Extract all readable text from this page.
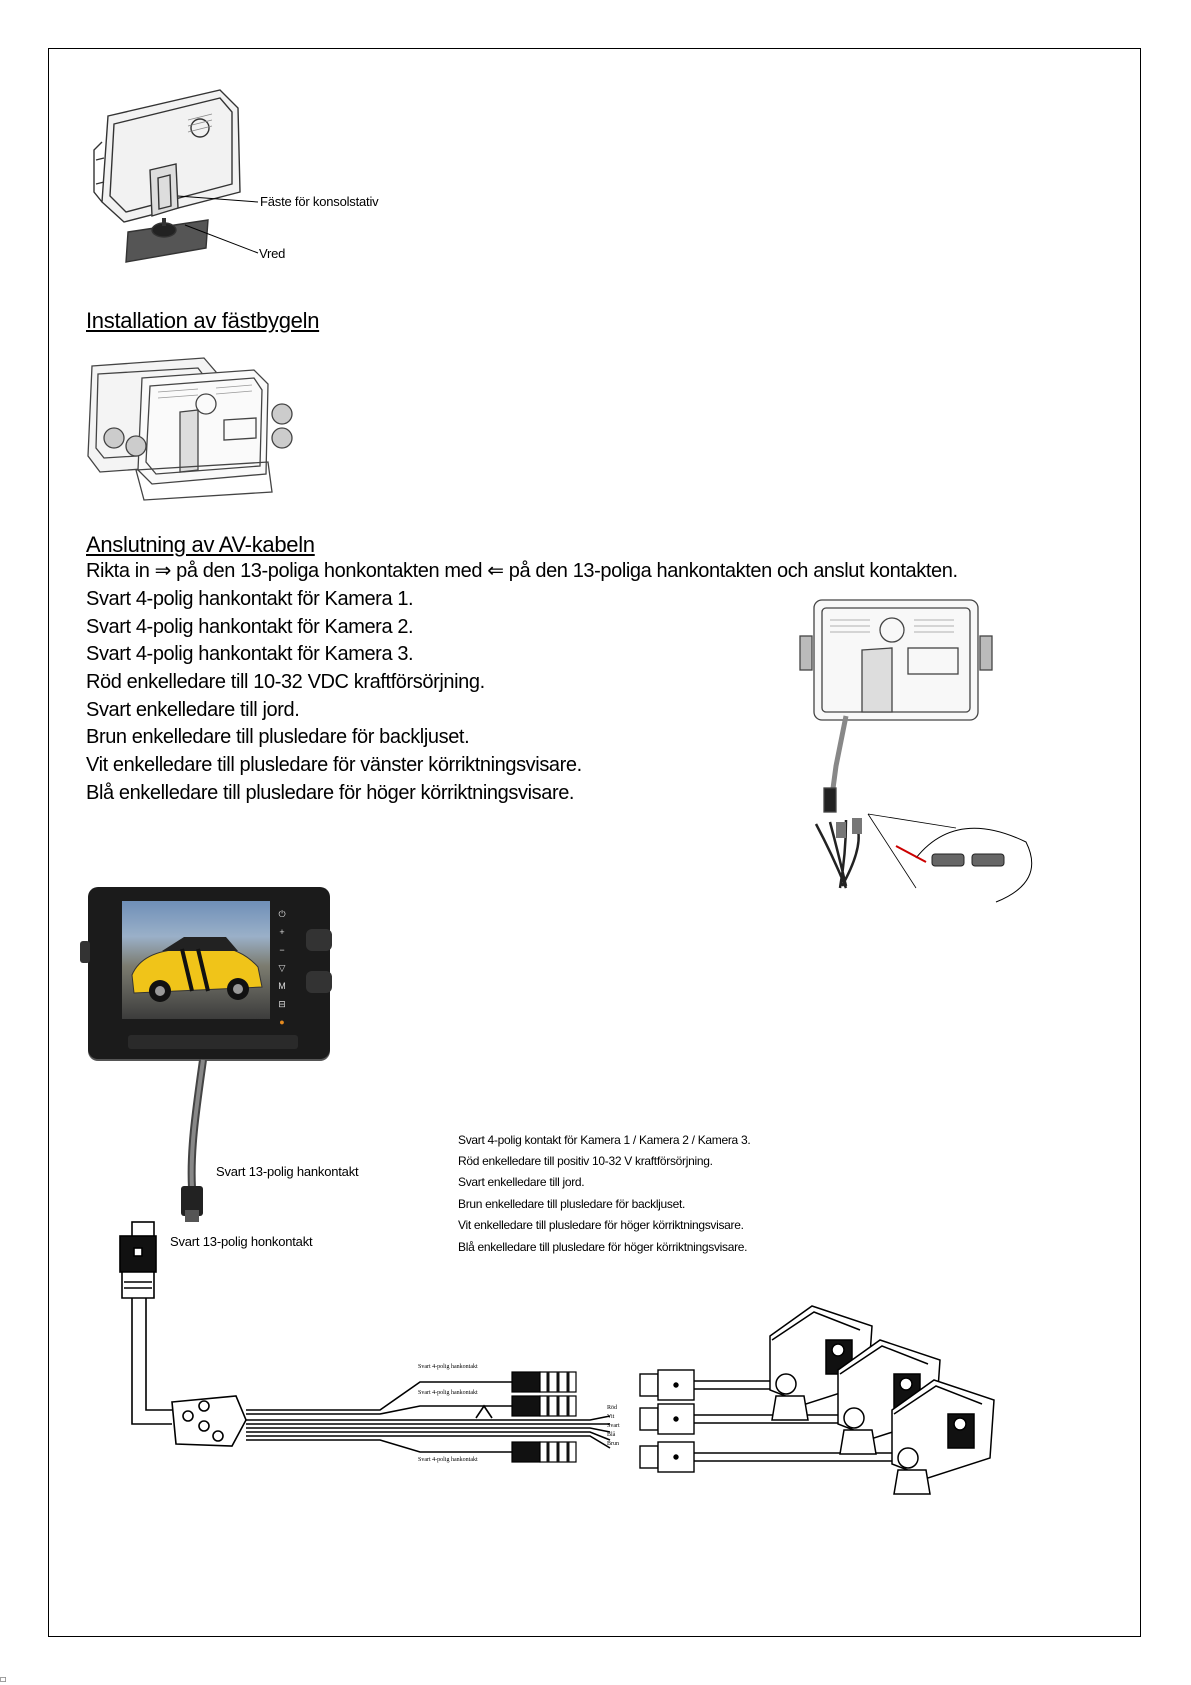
Fäste för konsolstativ
Vred
Installation av fästbygeln
Anslutning av AV-kabeln
Rikta in ⇒ på den 13-poliga honkontakten med ⇐ på den 13-poliga hankontakten och anslut kontakten.
Svart 4-polig hankontakt för Kamera 1.
Svart 4-polig hankontakt för Kamera 2.
Svart 4-polig hankontakt för Kamera 3.
Röd enkelledare till 10-32 VDC kraftförsörjning.
Svart enkelledare till jord.
Brun enkelledare till plusledare för backljuset.
Vit enkelledare till plusledare för vänster körriktningsvisare.
Blå enkelledare till plusledare för höger körriktningsvisare.
⏻
+
−
▽
M
⊟
●
Svart 13-polig hankontakt
Svart 4-polig kontakt för Kamera 1 / Kamera 2 / Kamera 3.
Röd enkelledare till positiv 10-32 V kraftförsörjning.
Svart enkelledare till jord.
Brun enkelledare till plusledare för backljuset.
Vit enkelledare till plusledare för höger körriktningsvisare.
Blå enkelledare till plusledare för höger körriktningsvisare.
Svart 13-polig honkontakt
Svart 4-polig hankontakt
Svart 4-polig hankontakt
Svart 4-polig hankontakt
Röd
Vit
Svart
Blå
Brun
☐
